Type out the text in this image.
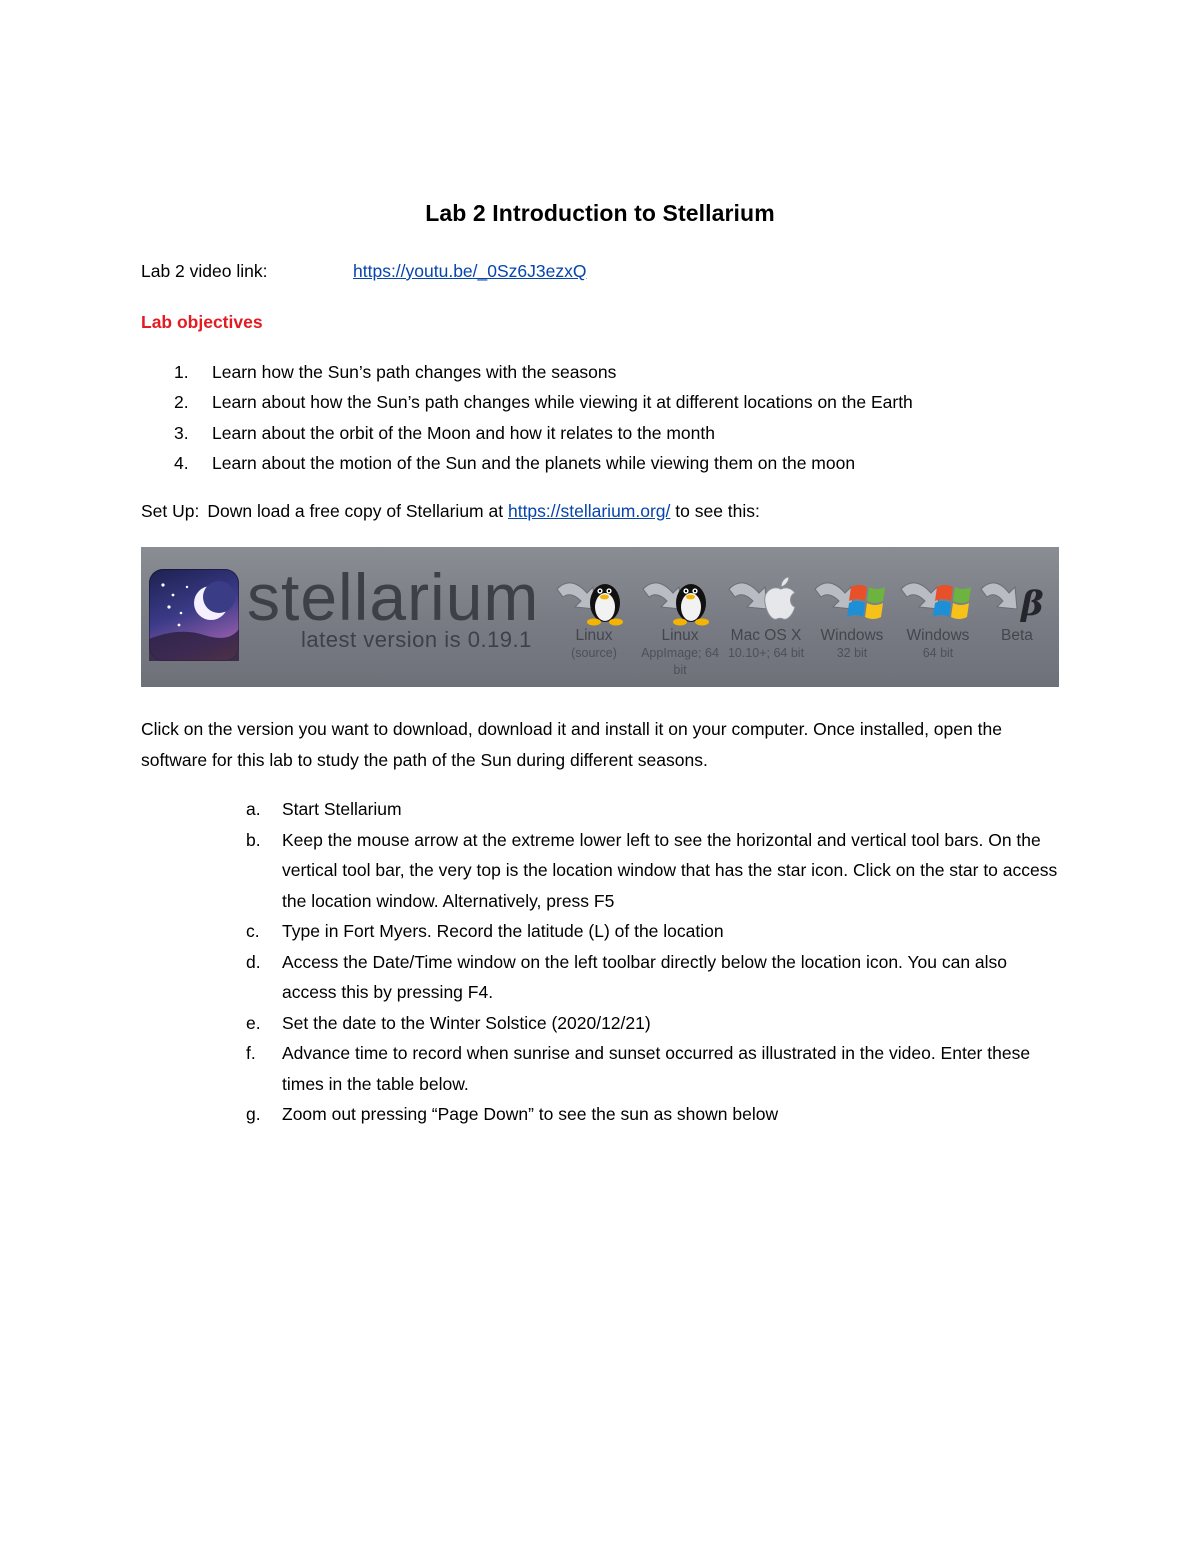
Lab 2 Introduction to Stellarium
Lab 2 video link:	https://youtu.be/_0Sz6J3ezxQ
Lab objectives
1. Learn how the Sun’s path changes with the seasons
2. Learn about how the Sun’s path changes while viewing it at different locations on the Earth
3. Learn about the orbit of the Moon and how it relates to the month
4. Learn about the motion of the Sun and the planets while viewing them on the moon
Set Up: Down load a free copy of Stellarium at https://stellarium.org/ to see this:
stellarium
latest version is 0.19.1	Linux
(source)
Linux
AppImage; 64 bit
Mac OS X
10.10+; 64 bit
Windows
32 bit
Windows
64 bit
β
Beta
Click on the version you want to download, download it and install it on your computer. Once installed, open the software for this lab to study the path of the Sun during different seasons.
a. Start Stellarium
b. Keep the mouse arrow at the extreme lower left to see the horizontal and vertical tool bars. On the vertical tool bar, the very top is the location window that has the star icon. Click on the star to access the location window. Alternatively, press F5
c. Type in Fort Myers. Record the latitude (L) of the location
d. Access the Date/Time window on the left toolbar directly below the location icon. You can also access this by pressing F4.
e. Set the date to the Winter Solstice (2020/12/21)
f. Advance time to record when sunrise and sunset occurred as illustrated in the video. Enter these times in the table below.
g. Zoom out pressing “Page Down” to see the sun as shown below
